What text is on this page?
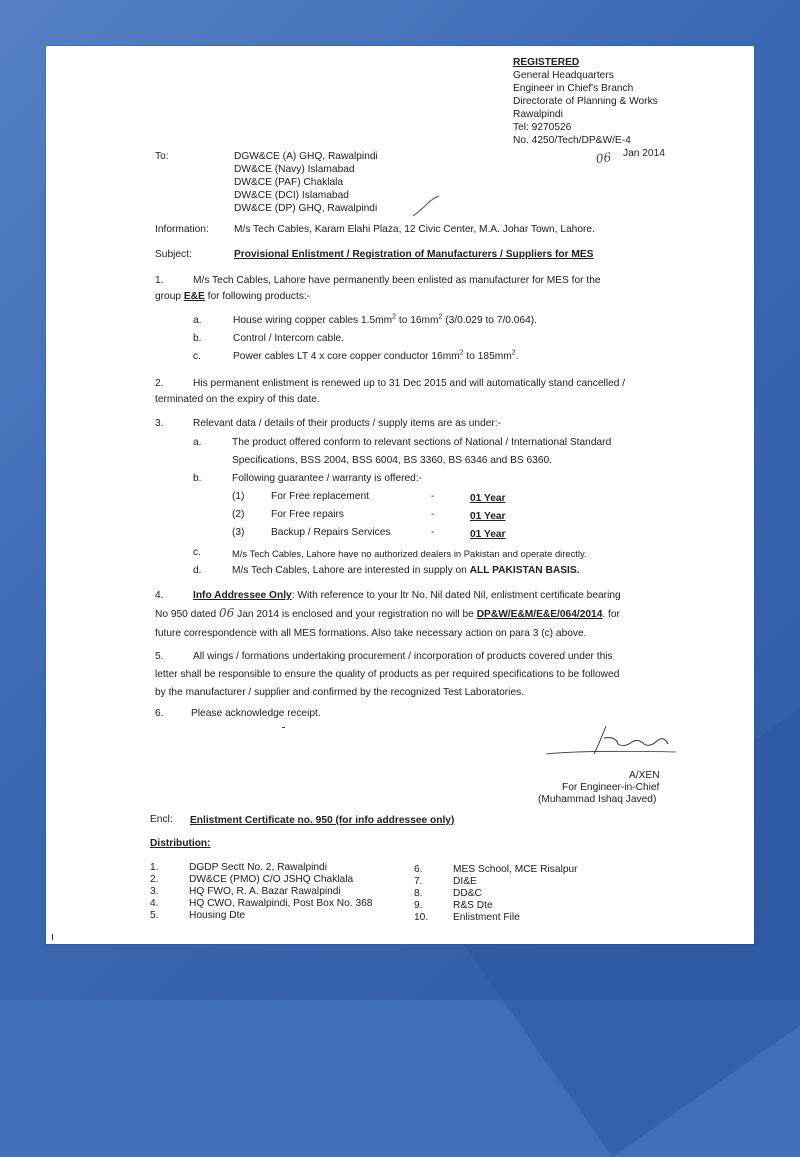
REGISTERED
General Headquarters
Engineer in Chief's Branch
Directorate of Planning & Works
Rawalpindi
Tel: 9270526
No. 4250/Tech/DP&W/E-4
Jan 2014
06
To:	DGW&CE (A) GHQ, Rawalpindi
DW&CE (Navy) Islamabad
DW&CE (PAF) Chaklala
DW&CE (DCI) Islamabad
DW&CE (DP) GHQ, Rawalpindi
Information: M/s Tech Cables, Karam Elahi Plaza, 12 Civic Center, M.A. Johar Town, Lahore.
Subject:	Provisional Enlistment / Registration of Manufacturers / Suppliers for MES
1.	M/s Tech Cables, Lahore have permanently been enlisted as manufacturer for MES for the
group E&E for following products:-
a.	House wiring copper cables $1.5mm^2$ to $16mm^2$ (3/0.029 to 7/0.064).
b.	Control / Intercom cable.
c.	Power cables LT 4 x core copper conductor $16mm^2$ to $185mm^2$.
2.	His permanent enlistment is renewed up to 31 Dec 2015 and will automatically stand cancelled /
terminated on the expiry of this date.
3.	Relevant data / details of their products / supply items are as under:-
a.	The product offered conform to relevant sections of National / International Standard
Specifications, BSS 2004, BSS 6004, BS 3360, BS 6346 and BS 6360.
b.	Following guarantee / warranty is offered:-
(1)	For Free replacement	-	01 Year
(2)	For Free repairs	-	01 Year
(3)	Backup / Repairs Services	-	01 Year
c.	M/s Tech Cables, Lahore have no authorized dealers in Pakistan and operate directly.
d.	M/s Tech Cables, Lahore are interested in supply on ALL PAKISTAN BASIS.
4.	Info Addressee Only: With reference to your ltr No. Nil dated Nil, enlistment certificate bearing
No 950 dated 06 Jan 2014 is enclosed and your registration no will be DP&W/E&M/E&E/064/2014. for
future correspondence with all MES formations. Also take necessary action on para 3 (c) above.
5.	All wings / formations undertaking procurement / incorporation of products covered under this
letter shall be responsible to ensure the quality of products as per required specifications to be followed
by the manufacturer / supplier and confirmed by the recognized Test Laboratories.
6.	Please acknowledge receipt.
A/XEN
For Engineer-in-Chief
(Muhammad Ishaq Javed)
Encl: Enlistment Certificate no. 950 (for info addressee only)
Distribution:
1.	DGDP Sectt No. 2, Rawalpindi
2.	DW&CE (PMO) C/O JSHQ Chaklala
3.	HQ FWO, R. A. Bazar Rawalpindi
4.	HQ CWO, Rawalpindi, Post Box No. 368
5.	Housing Dte
6.	MES School, MCE Risalpur
7.	DI&E
8.	DD&C
9.	R&S Dte
10. Enlistment File
